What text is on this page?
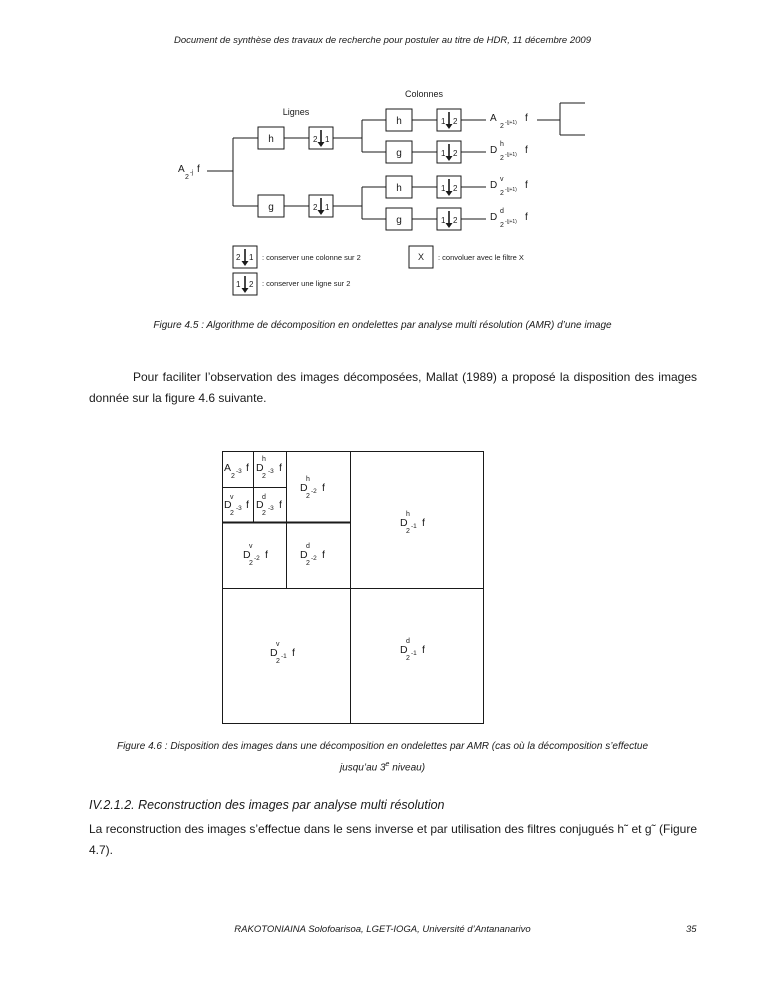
Document de synthèse des travaux de recherche pour postuler au titre de HDR, 11 décembre 2009
Lignes
Colonnes
A
2
-j f
h
g
h
g
h
g
2 1
2 1
1 2
1 2
1 2
1 2
A
2 -(j+1) f
D
h
2 -(j+1) f
D
v
2 -(j+1) f
D
d
2 -(j+1) f
2 1
1 2
: conserver une colonne sur 2
: conserver une ligne sur 2
X : convoluer avec le filtre X
Figure 4.5 : Algorithme de décomposition en ondelettes par analyse multi résolution (AMR) d’une image
Pour faciliter l’observation des images décomposées, Mallat (1989) a proposé la disposition des images donnée sur la figure 4.6 suivante.
A
2
-3 f
h
D
2
-3 f
v
D
2
-3 f
d
D
2
-3 f
h
D
2
-2 f
v
D
2
-2 f
d
D
2
-2 f
h
D
2
-1 f
v
D
2
-1 f
d
D
2
-1 f
Figure 4.6 : Disposition des images dans une décomposition en ondelettes par AMR (cas où la décomposition s’effectue
jusqu’au 3e niveau)
IV.2.1.2. Reconstruction des images par analyse multi résolution
La reconstruction des images s’effectue dans le sens inverse et par utilisation des filtres conjugués h˜ et g˜ (Figure 4.7).
RAKOTONIAINA Solofoarisoa, LGET-IOGA, Université d’Antananarivo	35
